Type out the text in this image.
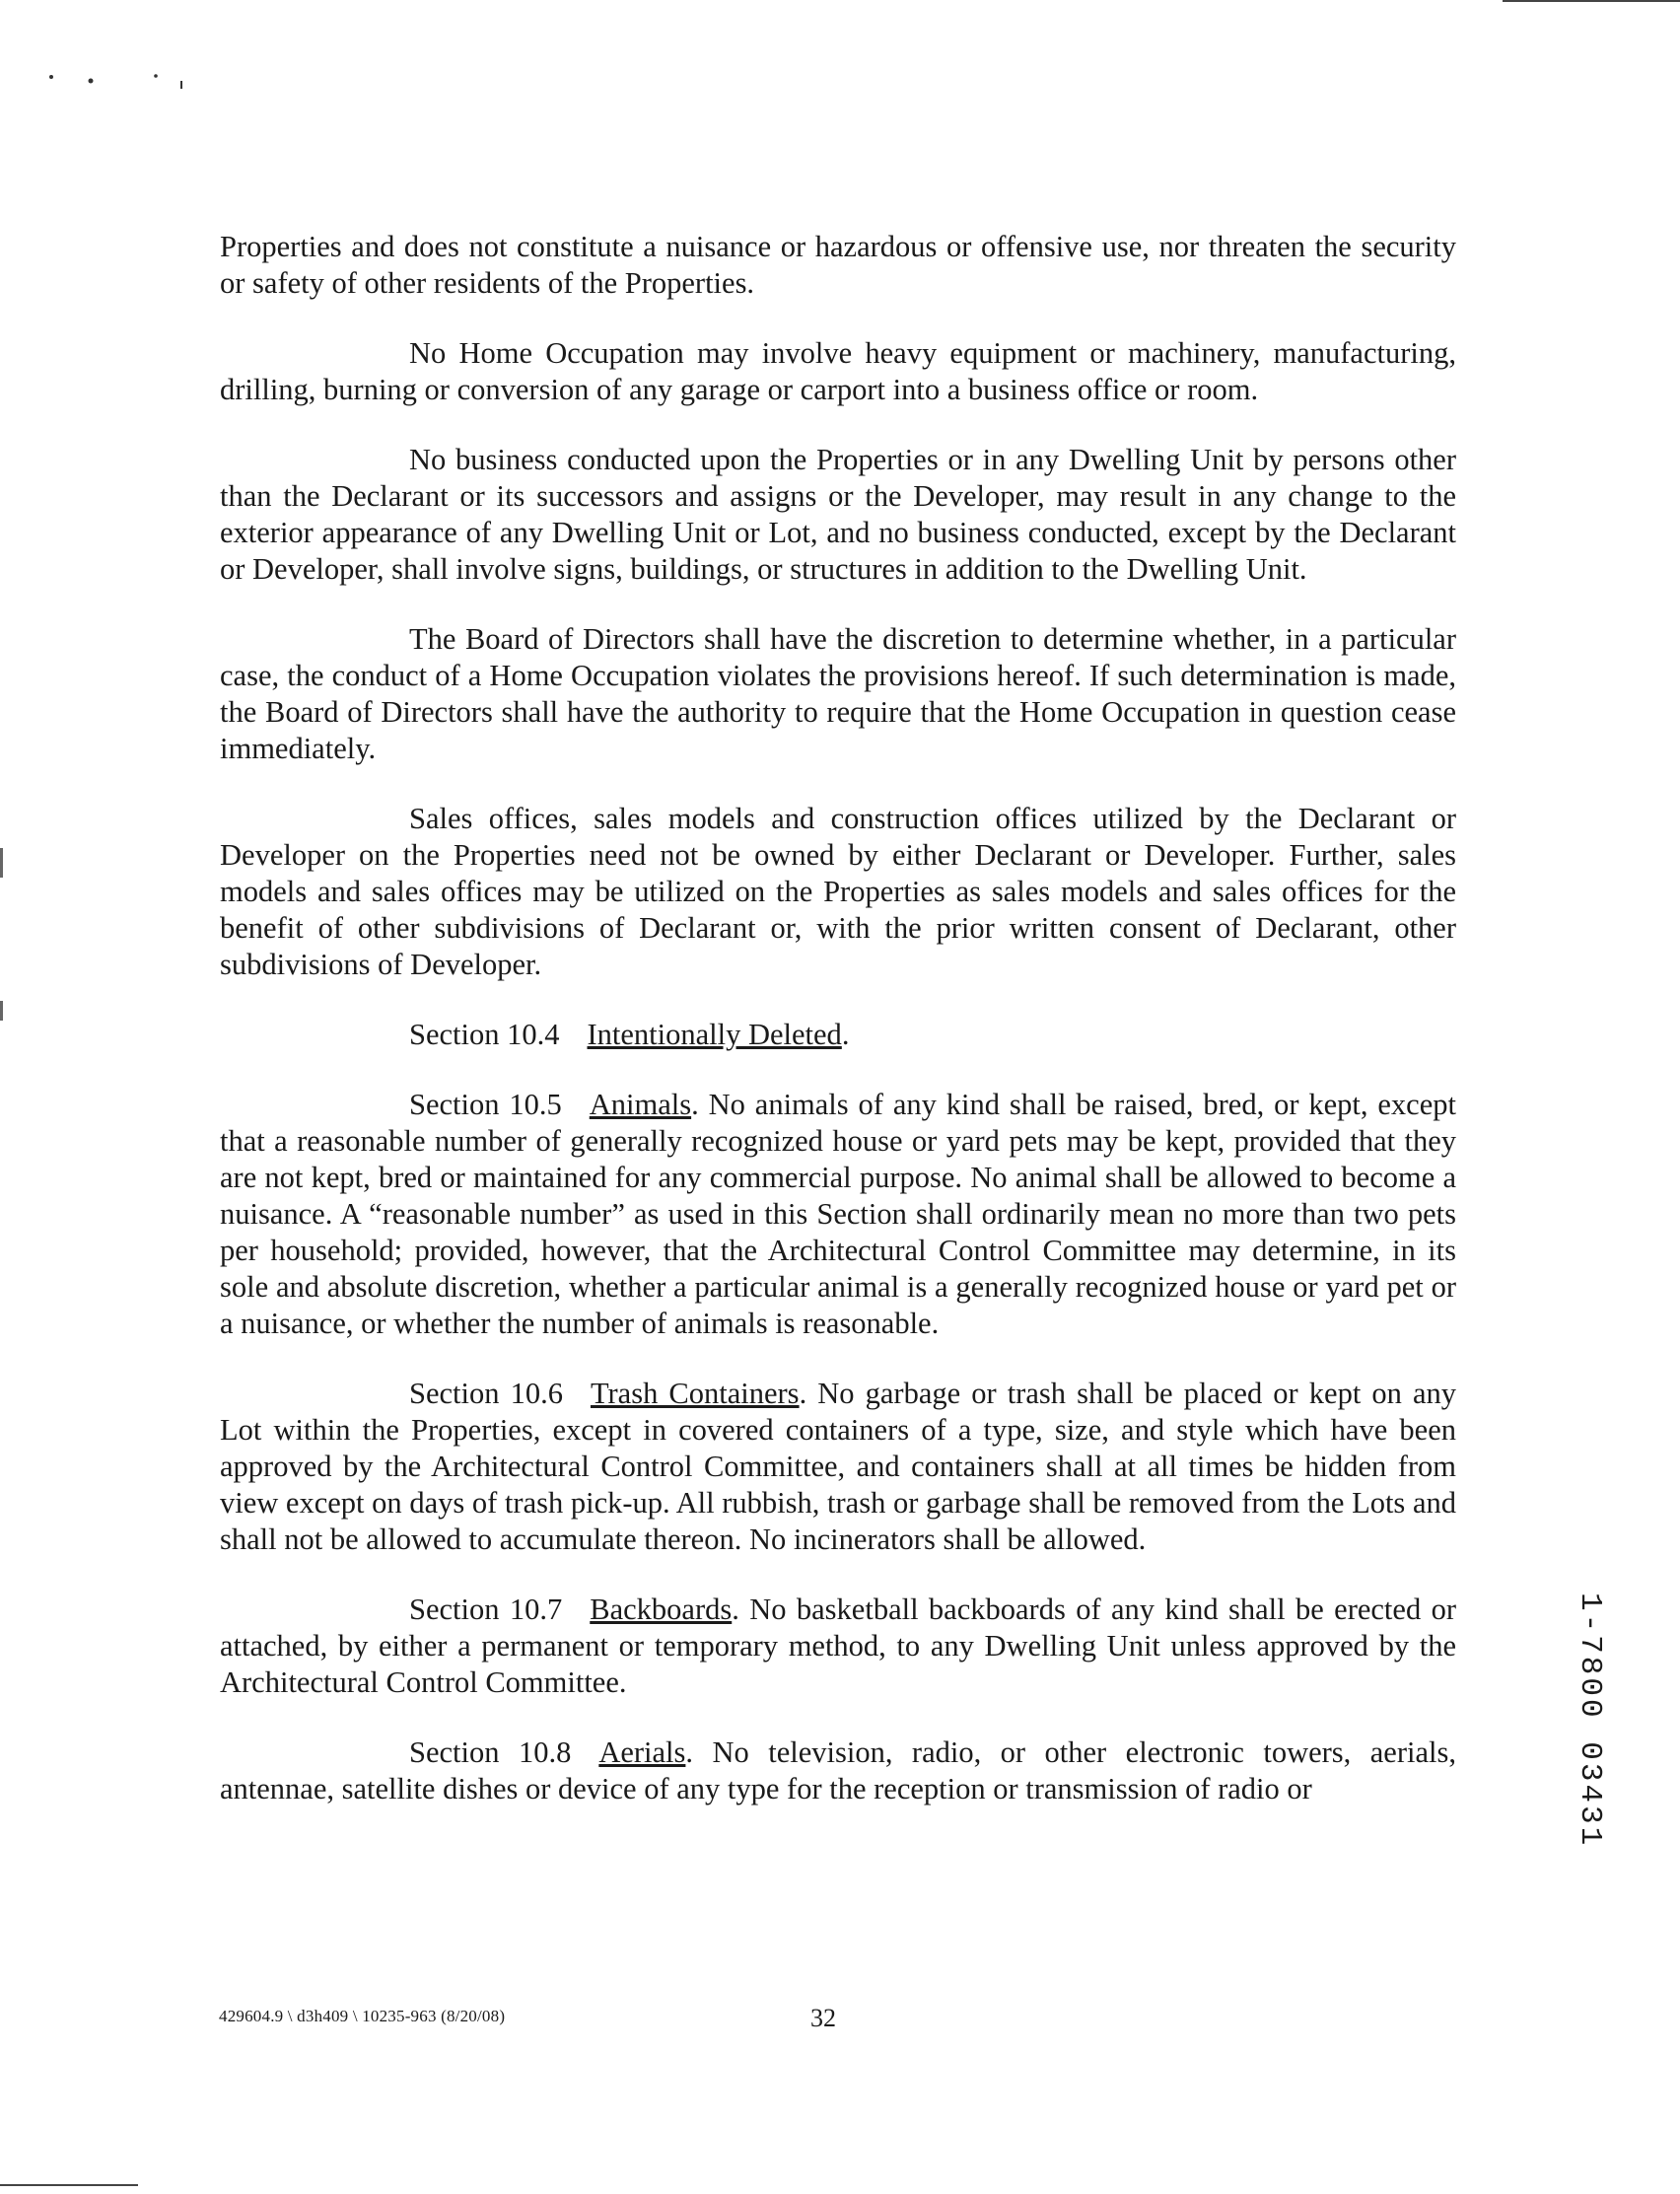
Properties and does not constitute a nuisance or hazardous or offensive use, nor threaten the security or safety of other residents of the Properties.

No Home Occupation may involve heavy equipment or machinery, manufacturing, drilling, burning or conversion of any garage or carport into a business office or room.

No business conducted upon the Properties or in any Dwelling Unit by persons other than the Declarant or its successors and assigns or the Developer, may result in any change to the exterior appearance of any Dwelling Unit or Lot, and no business conducted, except by the Declarant or Developer, shall involve signs, buildings, or structures in addition to the Dwelling Unit.

The Board of Directors shall have the discretion to determine whether, in a particular case, the conduct of a Home Occupation violates the provisions hereof. If such determination is made, the Board of Directors shall have the authority to require that the Home Occupation in question cease immediately.

Sales offices, sales models and construction offices utilized by the Declarant or Developer on the Properties need not be owned by either Declarant or Developer. Further, sales models and sales offices may be utilized on the Properties as sales models and sales offices for the benefit of other subdivisions of Declarant or, with the prior written consent of Declarant, other subdivisions of Developer.

Section 10.4 Intentionally Deleted.

Section 10.5 Animals. No animals of any kind shall be raised, bred, or kept, except that a reasonable number of generally recognized house or yard pets may be kept, provided that they are not kept, bred or maintained for any commercial purpose. No animal shall be allowed to become a nuisance. A “reasonable number” as used in this Section shall ordinarily mean no more than two pets per household; provided, however, that the Architectural Control Committee may determine, in its sole and absolute discretion, whether a particular animal is a generally recognized house or yard pet or a nuisance, or whether the number of animals is reasonable.

Section 10.6 Trash Containers. No garbage or trash shall be placed or kept on any Lot within the Properties, except in covered containers of a type, size, and style which have been approved by the Architectural Control Committee, and containers shall at all times be hidden from view except on days of trash pick-up. All rubbish, trash or garbage shall be removed from the Lots and shall not be allowed to accumulate thereon. No incinerators shall be allowed.

Section 10.7 Backboards. No basketball backboards of any kind shall be erected or attached, by either a permanent or temporary method, to any Dwelling Unit unless approved by the Architectural Control Committee.

Section 10.8 Aerials. No television, radio, or other electronic towers, aerials, antennae, satellite dishes or device of any type for the reception or transmission of radio or

429604.9 \ d3h409 \ 10235-963 (8/20/08)	32
1-7800 03431
